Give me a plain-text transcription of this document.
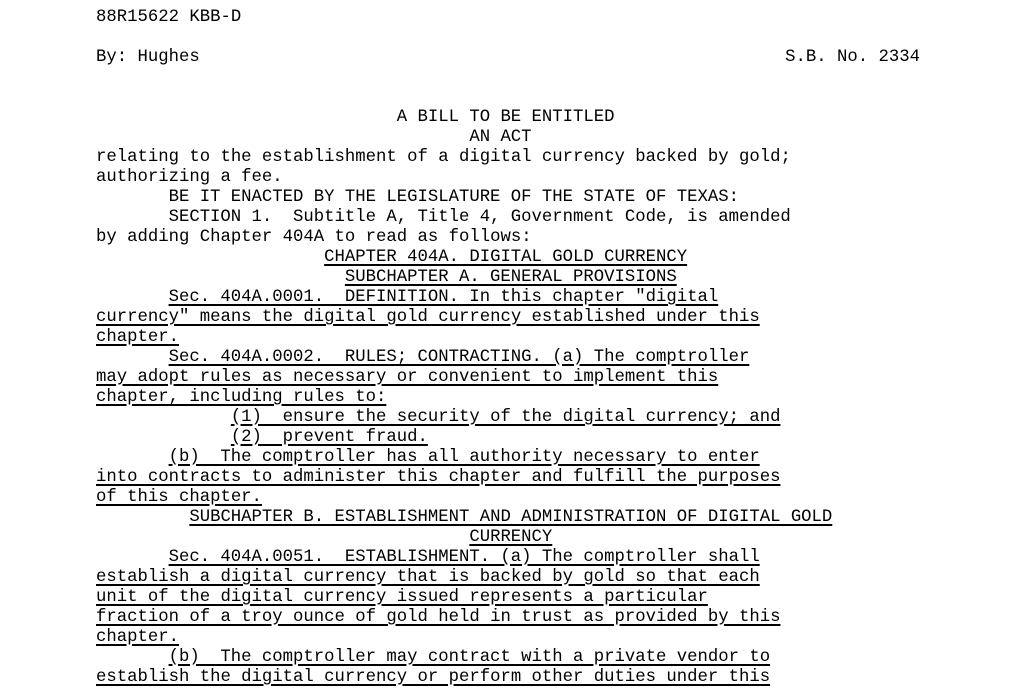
88R15622 KBB-D
By: Hughes	S.B. No. 2334
A BILL TO BE ENTITLED
AN ACT
relating to the establishment of a digital currency backed by gold;
authorizing a fee.
BE IT ENACTED BY THE LEGISLATURE OF THE STATE OF TEXAS:
SECTION 1.  Subtitle A, Title 4, Government Code, is amended
by adding Chapter 404A to read as follows:
CHAPTER 404A. DIGITAL GOLD CURRENCY
SUBCHAPTER A. GENERAL PROVISIONS
Sec. 404A.0001.  DEFINITION. In this chapter "digital
currency" means the digital gold currency established under this
chapter.
Sec. 404A.0002.  RULES; CONTRACTING. (a) The comptroller
may adopt rules as necessary or convenient to implement this
chapter, including rules to:
(1)  ensure the security of the digital currency; and
(2)  prevent fraud.
(b)  The comptroller has all authority necessary to enter
into contracts to administer this chapter and fulfill the purposes
of this chapter.
SUBCHAPTER B. ESTABLISHMENT AND ADMINISTRATION OF DIGITAL GOLD
CURRENCY
Sec. 404A.0051.  ESTABLISHMENT. (a) The comptroller shall
establish a digital currency that is backed by gold so that each
unit of the digital currency issued represents a particular
fraction of a troy ounce of gold held in trust as provided by this
chapter.
(b)  The comptroller may contract with a private vendor to
establish the digital currency or perform other duties under this
